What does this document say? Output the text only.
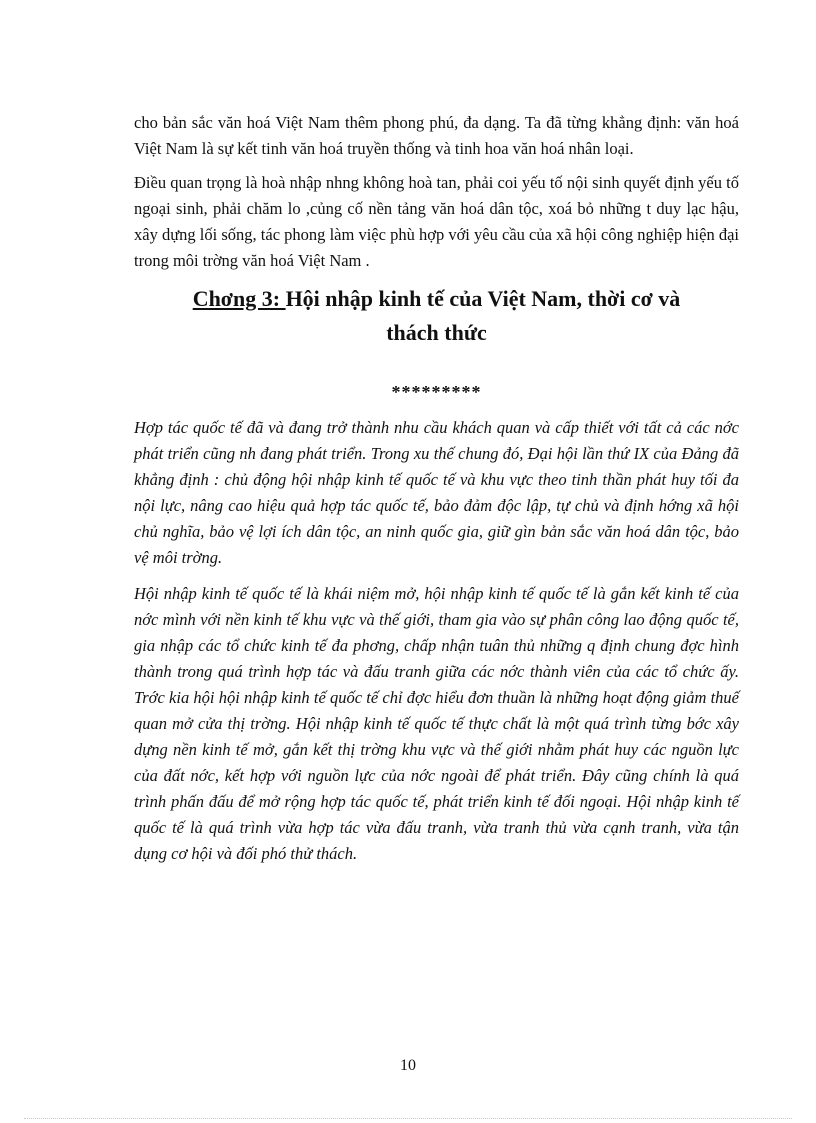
cho bản sắc văn hoá Việt Nam thêm phong phú, đa dạng. Ta đã từng khẳng định: văn hoá Việt Nam là sự kết tinh văn hoá truyền thống và tinh hoa văn hoá nhân loại.

Điều quan trọng là hoà nhập nhng không hoà tan, phải coi yếu tố nội sinh quyết định yếu tố ngoại sinh, phải chăm lo ,củng cố nền tảng văn hoá dân tộc, xoá bỏ những t duy lạc hậu, xây dựng lối sống, tác phong làm việc phù hợp với yêu cầu của xã hội công nghiệp hiện đại trong môi trờng văn hoá Việt Nam .

Chơng 3: Hội nhập kinh tế của Việt Nam, thời cơ và
thách thức
*********

Hợp tác quốc tế đã và đang trở thành nhu cầu khách quan và cấp thiết với tất cả các nớc phát triển cũng nh đang phát triển. Trong xu thế chung đó, Đại hội lần thứ IX của Đảng đã khẳng định : chủ động hội nhập kinh tế quốc tế và khu vực theo tinh thần phát huy tối đa nội lực, nâng cao hiệu quả hợp tác quốc tế, bảo đảm độc lập, tự chủ và định hớng xã hội chủ nghĩa, bảo vệ lợi ích dân tộc, an ninh quốc gia, giữ gìn bản sắc văn hoá dân tộc, bảo vệ môi trờng.

Hội nhập kinh tế quốc tế là khái niệm mở, hội nhập kinh tế quốc tế là gắn kết kinh tế của nớc mình với nền kinh tế khu vực và thế giới, tham gia vào sự phân công lao động quốc tế, gia nhập các tổ chức kinh tế đa phơng, chấp nhận tuân thủ những q định chung đợc hình thành trong quá trình hợp tác và đấu tranh giữa các nớc thành viên của các tổ chức ấy. Trớc kia hội hội nhập kinh tế quốc tế chỉ đợc hiểu đơn thuần là những hoạt động giảm thuế quan mở cửa thị trờng. Hội nhập kinh tế quốc tế thực chất là một quá trình từng bớc xây dựng nền kinh tế mở, gắn kết thị trờng khu vực và thế giới nhằm phát huy các nguồn lực của đất nớc, kết hợp với nguồn lực của nớc ngoài để phát triển. Đây cũng chính là quá trình phấn đấu để mở rộng hợp tác quốc tế, phát triển kinh tế đối ngoại. Hội nhập kinh tế quốc tế là quá trình vừa hợp tác vừa đấu tranh, vừa tranh thủ vừa cạnh tranh, vừa tận dụng cơ hội và đối phó thử thách.

10
